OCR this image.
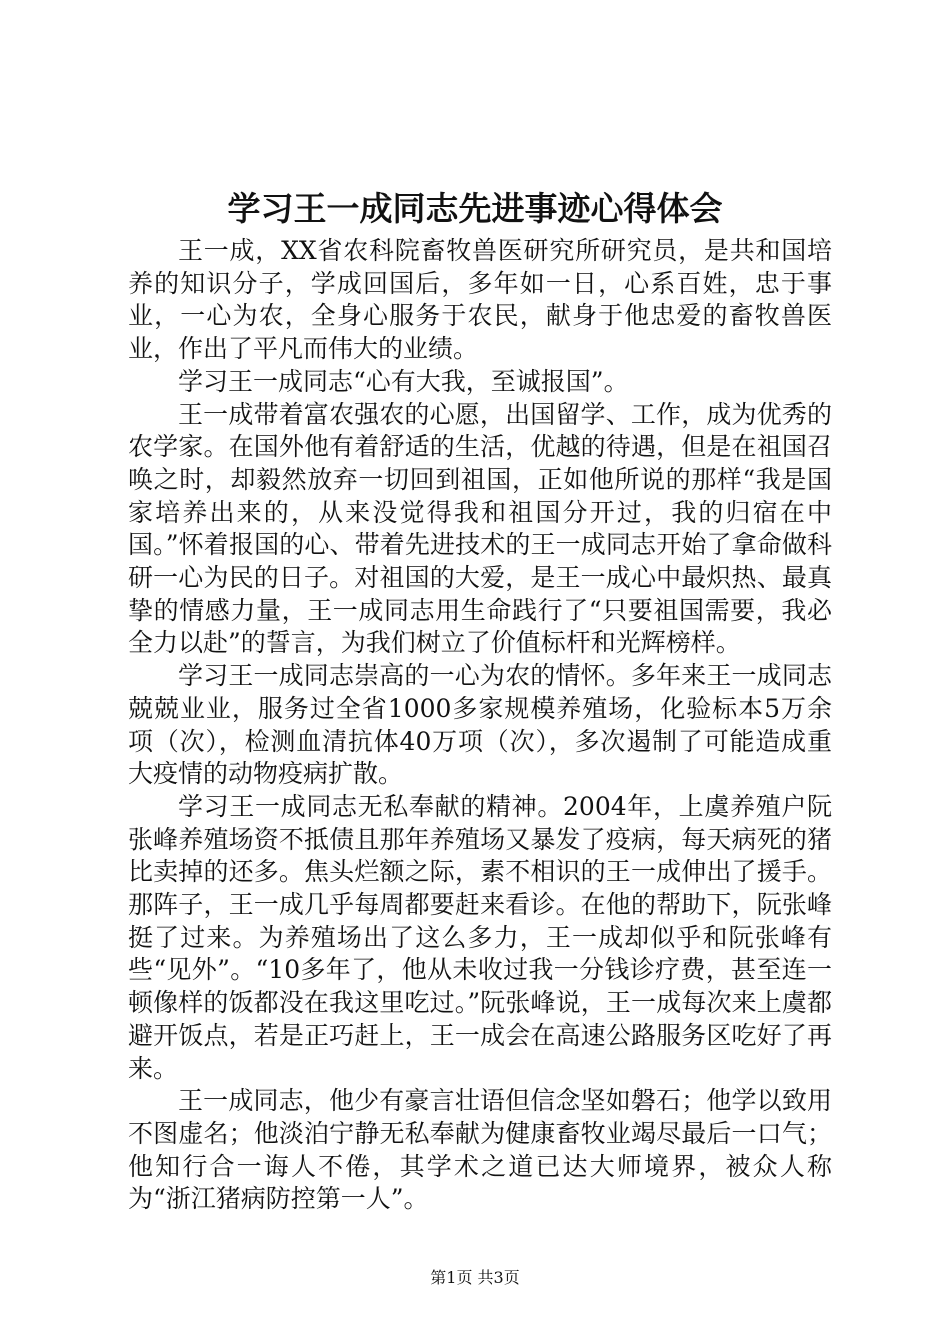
学习王一成同志先进事迹心得体会

王一成，XX省农科院畜牧兽医研究所研究员，是共和国培养的知识分子，学成回国后，多年如一日，心系百姓，忠于事业，一心为农，全身心服务于农民，献身于他忠爱的畜牧兽医业，作出了平凡而伟大的业绩。

学习王一成同志“心有大我，至诚报国”。

王一成带着富农强农的心愿，出国留学、工作，成为优秀的农学家。在国外他有着舒适的生活，优越的待遇，但是在祖国召唤之时，却毅然放弃一切回到祖国，正如他所说的那样“我是国家培养出来的，从来没觉得我和祖国分开过，我的归宿在中国。”怀着报国的心、带着先进技术的王一成同志开始了拿命做科研一心为民的日子。对祖国的大爱，是王一成心中最炽热、最真挚的情感力量，王一成同志用生命践行了“只要祖国需要，我必全力以赴”的誓言，为我们树立了价值标杆和光辉榜样。

学习王一成同志崇高的一心为农的情怀。多年来王一成同志兢兢业业，服务过全省1000多家规模养殖场，化验标本5万余项（次），检测血清抗体40万项（次），多次遏制了可能造成重大疫情的动物疫病扩散。

学习王一成同志无私奉献的精神。2004年，上虞养殖户阮张峰养殖场资不抵债且那年养殖场又暴发了疫病，每天病死的猪比卖掉的还多。焦头烂额之际，素不相识的王一成伸出了援手。那阵子，王一成几乎每周都要赶来看诊。在他的帮助下，阮张峰挺了过来。为养殖场出了这么多力，王一成却似乎和阮张峰有些“见外”。“10多年了，他从未收过我一分钱诊疗费，甚至连一顿像样的饭都没在我这里吃过。”阮张峰说，王一成每次来上虞都避开饭点，若是正巧赶上，王一成会在高速公路服务区吃好了再来。

王一成同志，他少有豪言壮语但信念坚如磐石；他学以致用不图虚名；他淡泊宁静无私奉献为健康畜牧业竭尽最后一口气；他知行合一诲人不倦，其学术之道已达大师境界，被众人称为“浙江猪病防控第一人”。

第1页 共3页
